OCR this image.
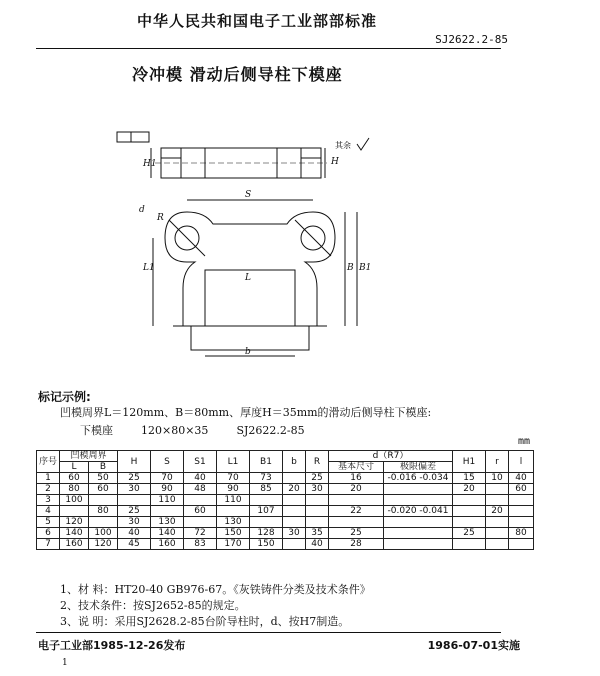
中华人民共和国电子工业部部标准
SJ2622.2-85
冷冲模 滑动后侧导柱下模座
H
H1
S
L1
L
B1
B
b
R
d
其余
标记示例:
凹模周界L＝120mm、B＝80mm、厚度H＝35mm的滑动后侧导柱下模座:
下模座	120×80×35	SJ2622.2-85
mm
序号	凹模周界		H	S	S1	L1	B1	b	R	d（R7）		H1	r	l
	L	B								基本尺寸	极限偏差			
1	60	50	25	70	40	70	73		25	16	-0.016 -0.034	15	10	40
2	80	60	30	90	48	90	85	20	30	20		20		60
3	100			110		110								
4		80	25		60		107			22	-0.020 -0.041		20	
5	120		30	130		130								
6	140	100	40	140	72	150	128	30	35	25		25		80
7	160	120	45	160	83	170	150		40	28				
1、材 料：HT20-40 GB976-67。《灰铁铸件分类及技术条件》
2、技术条件：按SJ2652-85的规定。
3、说 明：采用SJ2628.2-85台阶导柱时，d、按H7制造。
电子工业部1985-12-26发布	1986-07-01实施
1
